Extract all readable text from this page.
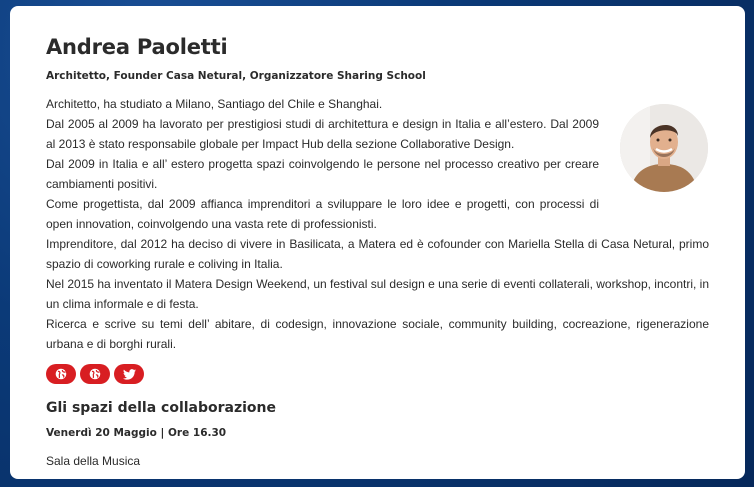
Andrea Paoletti
Architetto, Founder Casa Netural, Organizzatore Sharing School

Architetto, ha studiato a Milano, Santiago del Chile e Shanghai.

Dal 2005 al 2009 ha lavorato per prestigiosi studi di architettura e design in Italia e all’estero. Dal 2009 al 2013 è stato responsabile globale per Impact Hub della sezione Collaborative Design.

Dal 2009 in Italia e all’ estero progetta spazi coinvolgendo le persone nel processo creativo per creare cambiamenti positivi.

Come progettista, dal 2009 affianca imprenditori a sviluppare le loro idee e progetti, con processi di open innovation, coinvolgendo una vasta rete di professionisti.

Imprenditore, dal 2012 ha deciso di vivere in Basilicata, a Matera ed è cofounder con Mariella Stella di Casa Netural, primo spazio di coworking rurale e coliving in Italia.

Nel 2015 ha inventato il Matera Design Weekend, un festival sul design e una serie di eventi collaterali, workshop, incontri, in un clima informale e di festa.

Ricerca e scrive su temi dell’ abitare, di codesign, innovazione sociale, community building, cocreazione, rigenerazione urbana e di borghi rurali.

Gli spazi della collaborazione
Venerdì 20 Maggio | Ore 16.30
Sala della Musica
